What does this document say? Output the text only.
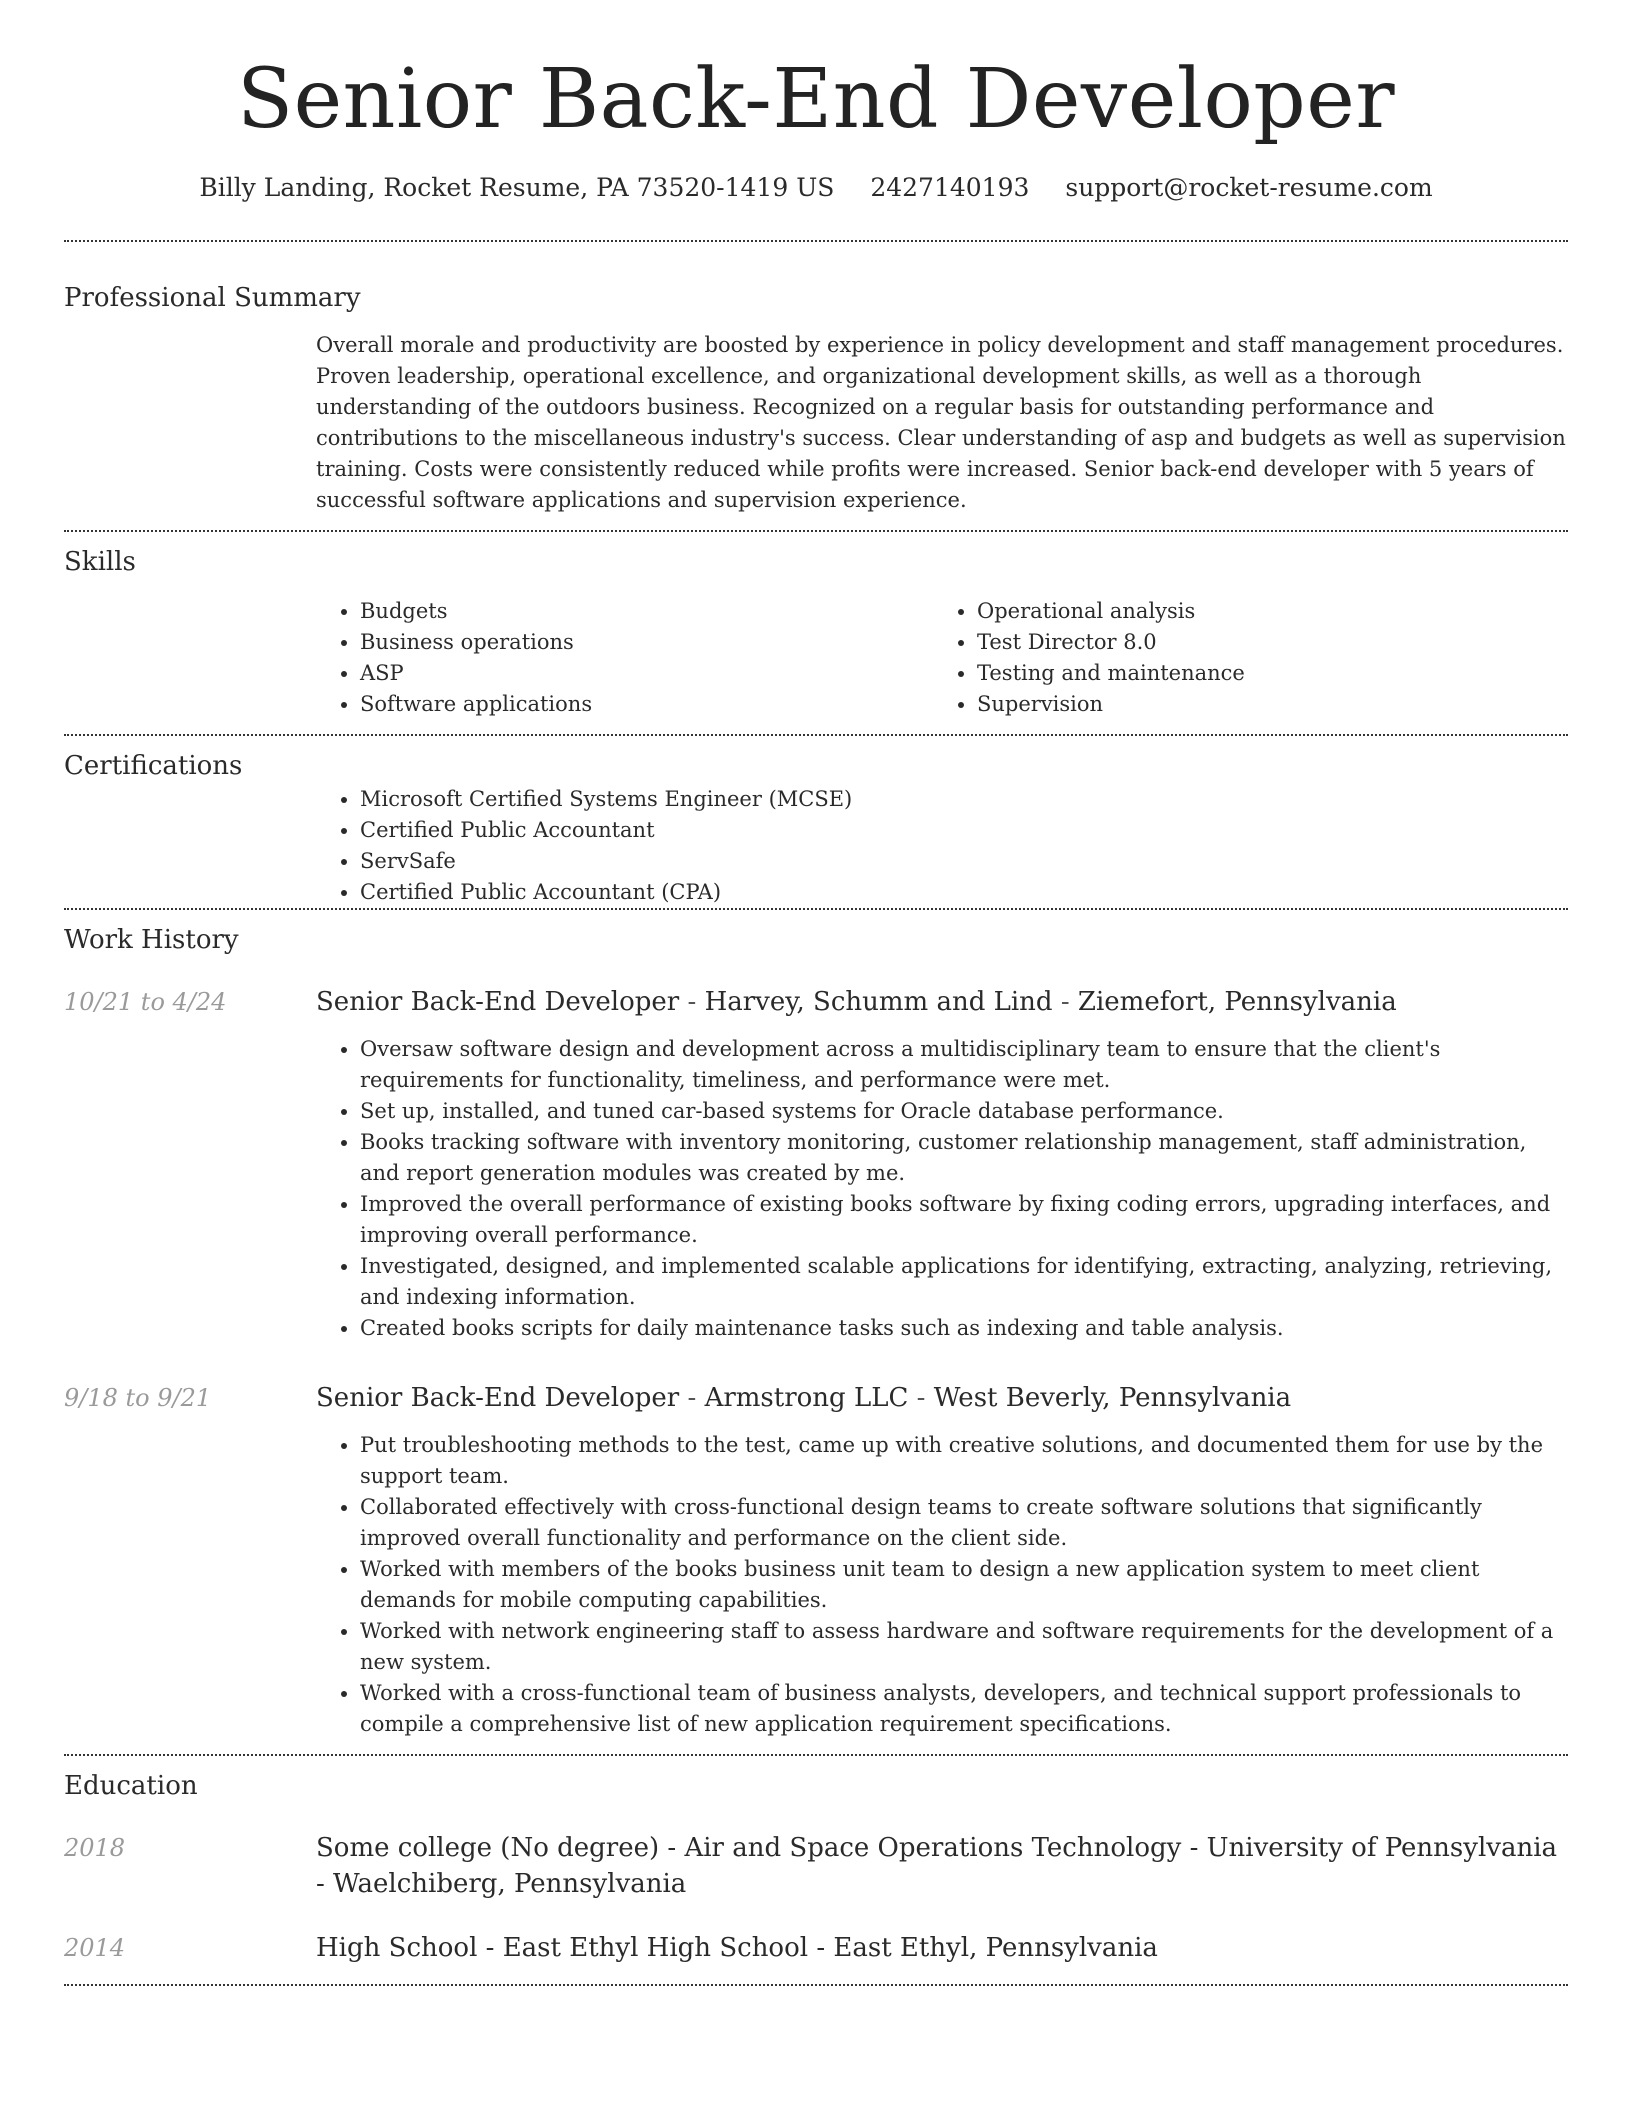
Senior Back-End Developer
Billy Landing, Rocket Resume, PA 73520-1419 US 2427140193 support@rocket-resume.com
Professional Summary
Overall morale and productivity are boosted by experience in policy development and staff management procedures. Proven leadership, operational excellence, and organizational development skills, as well as a thorough understanding of the outdoors business. Recognized on a regular basis for outstanding performance and contributions to the miscellaneous industry's success. Clear understanding of asp and budgets as well as supervision training. Costs were consistently reduced while profits were increased. Senior back-end developer with 5 years of successful software applications and supervision experience.
Skills
• Budgets
• Business operations
• ASP
• Software applications
• Operational analysis
• Test Director 8.0
• Testing and maintenance
• Supervision
Certifications
• Microsoft Certified Systems Engineer (MCSE)
• Certified Public Accountant
• ServSafe
• Certified Public Accountant (CPA)
Work History
10/21 to 4/24	Senior Back-End Developer - Harvey, Schumm and Lind - Ziemefort, Pennsylvania
• Oversaw software design and development across a multidisciplinary team to ensure that the client's requirements for functionality, timeliness, and performance were met.
• Set up, installed, and tuned car-based systems for Oracle database performance.
• Books tracking software with inventory monitoring, customer relationship management, staff administration, and report generation modules was created by me.
• Improved the overall performance of existing books software by fixing coding errors, upgrading interfaces, and improving overall performance.
• Investigated, designed, and implemented scalable applications for identifying, extracting, analyzing, retrieving, and indexing information.
• Created books scripts for daily maintenance tasks such as indexing and table analysis.
9/18 to 9/21	Senior Back-End Developer - Armstrong LLC - West Beverly, Pennsylvania
• Put troubleshooting methods to the test, came up with creative solutions, and documented them for use by the support team.
• Collaborated effectively with cross-functional design teams to create software solutions that significantly improved overall functionality and performance on the client side.
• Worked with members of the books business unit team to design a new application system to meet client demands for mobile computing capabilities.
• Worked with network engineering staff to assess hardware and software requirements for the development of a new system.
• Worked with a cross-functional team of business analysts, developers, and technical support professionals to compile a comprehensive list of new application requirement specifications.
Education
2018	Some college (No degree) - Air and Space Operations Technology - University of Pennsylvania - Waelchiberg, Pennsylvania
2014	High School - East Ethyl High School - East Ethyl, Pennsylvania
